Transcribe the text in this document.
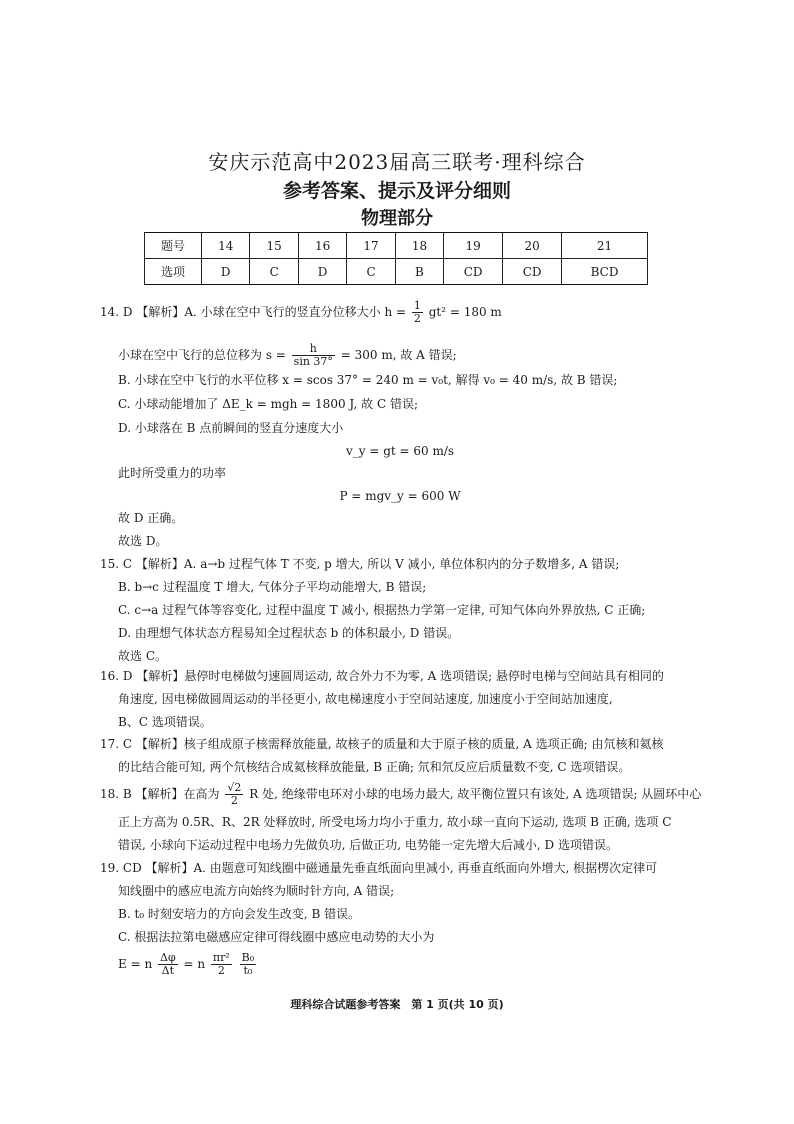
安庆示范高中2023届高三联考·理科综合
参考答案、提示及评分细则
物理部分
题号	14	15	16	17	18	19	20	21
选项	D	C	D	C	B	CD	CD	BCD
14. D 【解析】A. 小球在空中飞行的竖直分位移大小 $h = \frac{1}{2} gt^2 = 180$ m
小球在空中飞行的总位移为 $s = \frac{h}{\sin 37^\circ} = 300$ m, 故 A 错误;
B. 小球在空中飞行的水平位移 x = scos 37° = 240 m = v₀t, 解得 v₀ = 40 m/s, 故 B 错误;
C. 小球动能增加了 ΔE_k = mgh = 1800 J, 故 C 错误;
D. 小球落在 B 点前瞬间的竖直分速度大小
v_y = gt = 60 m/s
此时所受重力的功率
P = mgv_y = 600 W
故 D 正确。
故选 D。
15. C 【解析】A. a→b 过程气体 T 不变, p 增大, 所以 V 减小, 单位体积内的分子数增多, A 错误;
B. b→c 过程温度 T 增大, 气体分子平均动能增大, B 错误;
C. c→a 过程气体等容变化, 过程中温度 T 减小, 根据热力学第一定律, 可知气体向外界放热, C 正确;
D. 由理想气体状态方程易知全过程状态 b 的体积最小, D 错误。
故选 C。
16. D 【解析】悬停时电梯做匀速圆周运动, 故合外力不为零, A 选项错误; 悬停时电梯与空间站具有相同的
角速度, 因电梯做圆周运动的半径更小, 故电梯速度小于空间站速度, 加速度小于空间站加速度,
B、C 选项错误。
17. C 【解析】核子组成原子核需释放能量, 故核子的质量和大于原子核的质量, A 选项正确; 由氘核和氦核
的比结合能可知, 两个氘核结合成氦核释放能量, B 正确; 氘和氘反应后质量数不变, C 选项错误。
18. B 【解析】在高为 $\frac{√2}{2}$ R 处, 绝缘带电环对小球的电场力最大, 故平衡位置只有该处, A 选项错误; 从圆环中心
正上方高为 0.5R、R、2R 处释放时, 所受电场力均小于重力, 故小球一直向下运动, 选项 B 正确, 选项 C
错误, 小球向下运动过程中电场力先做负功, 后做正功, 电势能一定先增大后减小, D 选项错误。
19. CD 【解析】A. 由题意可知线圈中磁通量先垂直纸面向里减小, 再垂直纸面向外增大, 根据楞次定律可
知线圈中的感应电流方向始终为顺时针方向, A 错误;
B. t₀ 时刻安培力的方向会发生改变, B 错误。
C. 根据法拉第电磁感应定律可得线圈中感应电动势的大小为
E = n $\frac{\Delta\varphi}{\Delta t} = n \frac{\text{πr²}}{2}$
$\frac{\text{B₀}}{\text{t₀}}$
理科综合试题参考答案　第 1 页(共 10 页)
